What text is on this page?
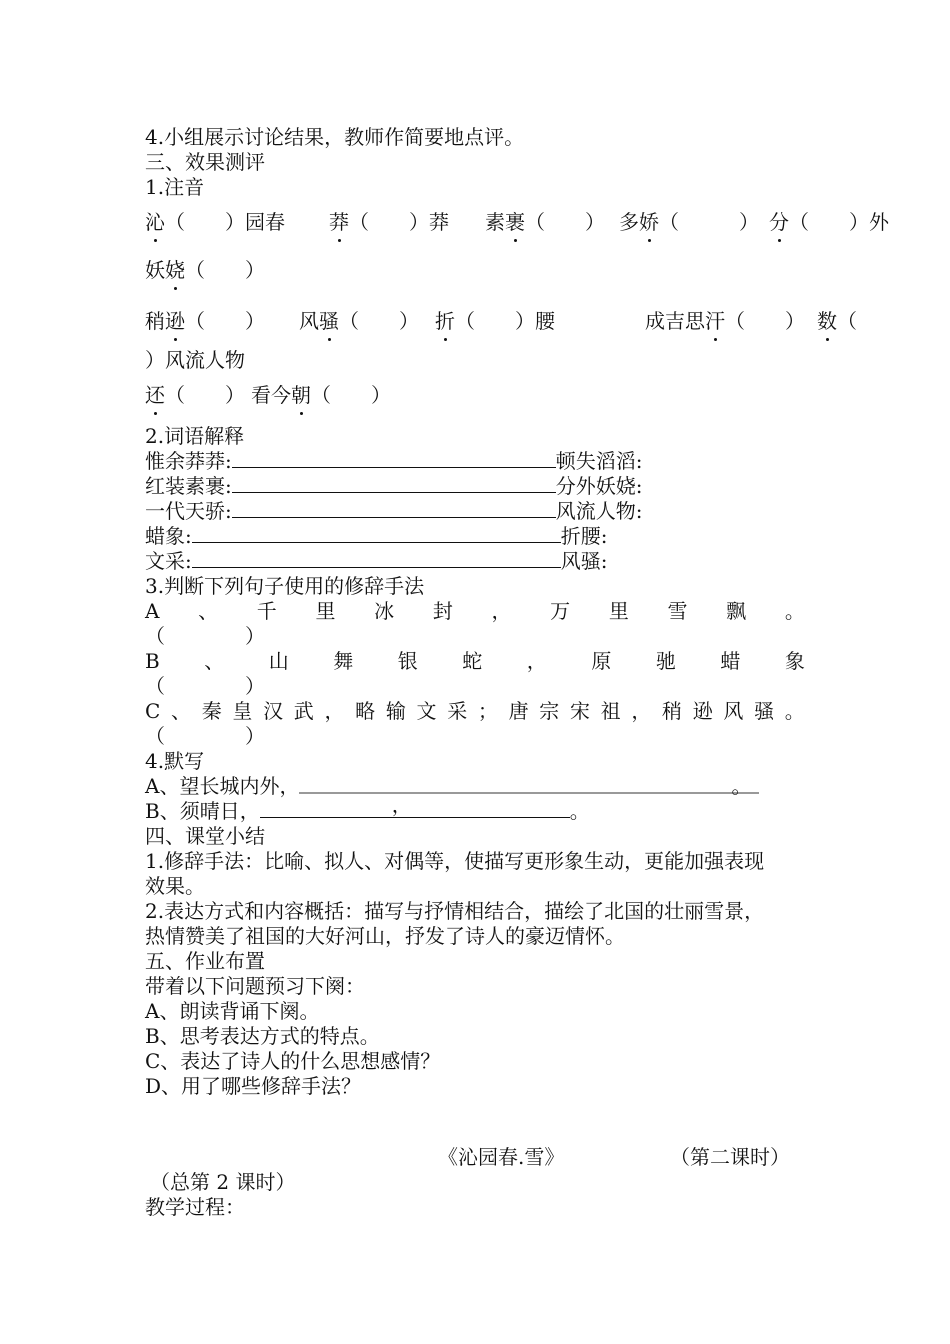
4.小组展示讨论结果，教师作简要地点评。
三、效果测评
1.注音
沁（　　）园春 莽（　　）莽 素裹（　　） 多娇（　　　） 分（　　）外
妖娆（　　）
稍逊（　　） 风骚（　　） 折（　　）腰	成吉思汗（　　） 数（
）风流人物
还（　　） 看今朝（　　）
2.词语解释
惟余莽莽:	顿失滔滔:
红装素裹:	分外妖娆:
一代天骄:	风流人物:
蜡象:	折腰:
文采:	风骚:
3.判断下列句子使用的修辞手法
A 、 千 里 冰 封 ， 万 里 雪 飘 。
（　　　　）
B 、 山 舞 银 蛇 ， 原 驰 蜡 象
（　　　　）
C 、 秦 皇 汉 武 ， 略 输 文 采 ； 唐 宗 宋 祖 ， 稍 逊 风 骚 。
（　　　　）
4.默写
A、望长城内外，	。
B、须晴日，	，	。
四、课堂小结
1.修辞手法：比喻、拟人、对偶等，使描写更形象生动，更能加强表现
效果。
2.表达方式和内容概括：描写与抒情相结合，描绘了北国的壮丽雪景，
热情赞美了祖国的大好河山，抒发了诗人的豪迈情怀。
五、作业布置
带着以下问题预习下阕：
A、朗读背诵下阕。
B、思考表达方式的特点。
C、表达了诗人的什么思想感情？
D、用了哪些修辞手法？
《沁园春.雪》	（第二课时）
（总第 2 课时）
教学过程：
